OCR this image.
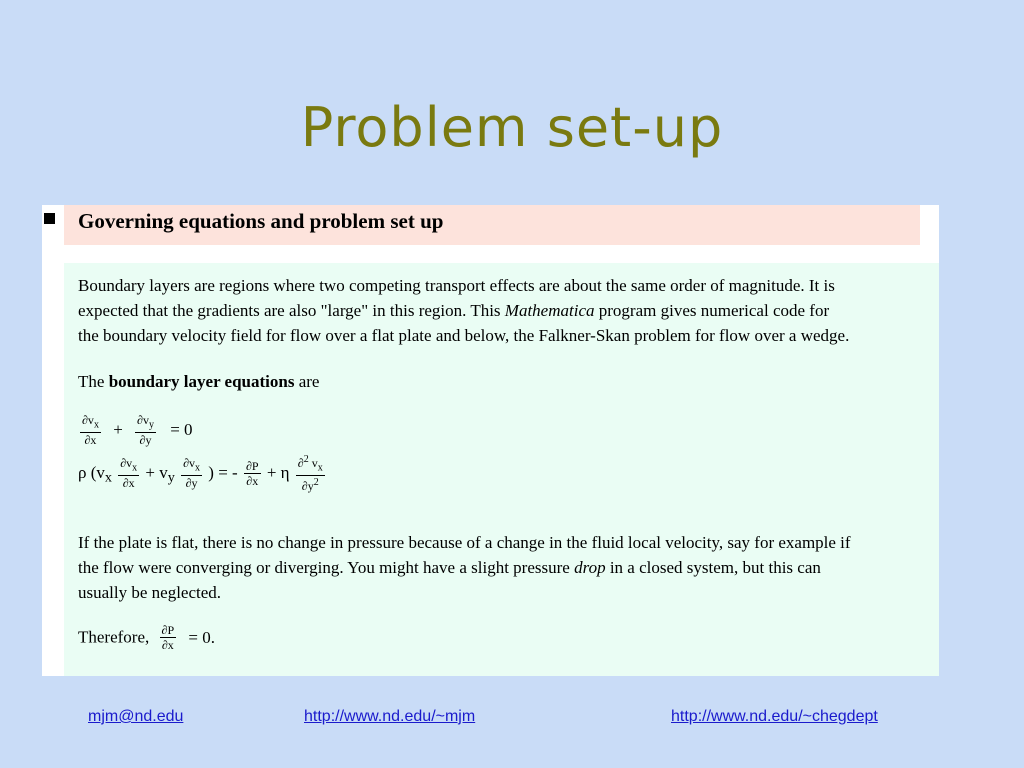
Problem set-up
Governing equations and problem set up
Boundary layers are regions where two competing transport effects are about the same order of magnitude. It is
expected that the gradients are also "large" in this region. This Mathematica program gives numerical code for
the boundary velocity field for flow over a flat plate and below, the Falkner-Skan problem for flow over a wedge.
The boundary layer equations are
$\frac{\partial v_x}{\partial x} + \frac{\partial v_y}{\partial y} = 0$
ρ ($v_x \frac{\partial v_x}{\partial x} + v_y \frac{\partial v_x}{\partial y}$ ) = - $\frac{\partial P}{\partial x} + \eta \frac{\partial^2 v_x}{\partial y^2}$
If the plate is flat, there is no change in pressure because of a change in the fluid local velocity, say for example if
the flow were converging or diverging. You might have a slight pressure drop in a closed system, but this can
usually be neglected.
Therefore, $\frac{\partial P}{\partial x} = 0$.
mjm@nd.edu	http://www.nd.edu/~mjm	http://www.nd.edu/~chegdept
